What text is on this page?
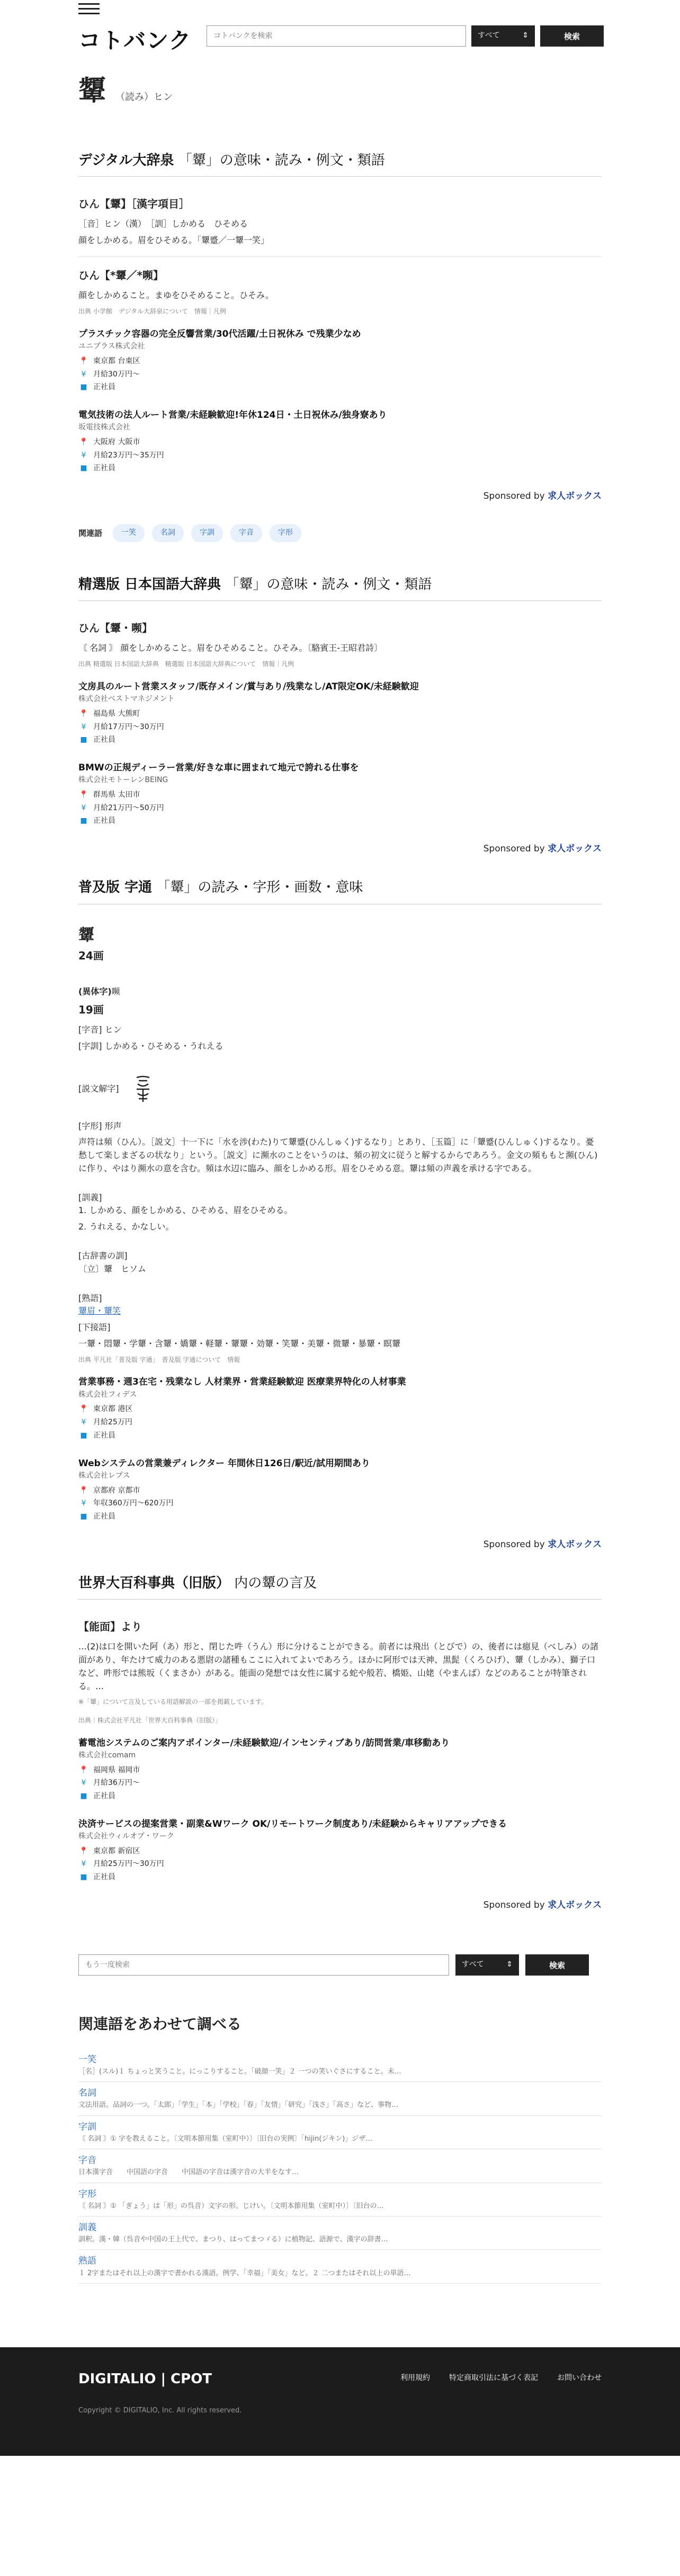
コトバンク
コトバンクを検索	すべて	⇕	検索
顰 （読み）ヒン
デジタル大辞泉 「顰」の意味・読み・例文・類語
ひん【顰】［漢字項目］
［音］ヒン（漢）　［訓］しかめる　ひそめる
顔をしかめる。眉をひそめる。「顰蹙／一顰一笑」
ひん【*顰／*嚬】
顔をしかめること。まゆをひそめること。ひそみ。
出典 小学館　デジタル大辞泉について　情報｜凡例
プラスチック容器の完全反響営業/30代活躍/土日祝休み で残業少なめ
ユニプラス株式会社
📍 東京都 台東区
¥ 月給30万円〜
■ 正社員
電気技術の法人ルート営業/未経験歓迎!年休124日・土日祝休み/独身寮あり
坂電技株式会社
📍 大阪府 大阪市
¥ 月給23万円〜35万円
■ 正社員
Sponsored by 求人ボックス
関連語	一笑	名詞	字訓	字音	字形
精選版 日本国語大辞典 「顰」の意味・読み・例文・類語
ひん【顰・嚬】
〘 名詞 〙 顔をしかめること。眉をひそめること。ひそみ。〔駱賓王-王昭君詩〕
出典 精選版 日本国語大辞典　精選版 日本国語大辞典について　情報｜凡例
文房具のルート営業スタッフ/既存メイン/賞与あり/残業なし/AT限定OK/未経験歓迎
株式会社ベストマネジメント
📍 福島県 大熊町
¥ 月給17万円〜30万円
■ 正社員
BMWの正規ディーラー営業/好きな車に囲まれて地元で誇れる仕事を
株式会社モトーレンBEING
📍 群馬県 太田市
¥ 月給21万円〜50万円
■ 正社員
Sponsored by 求人ボックス
普及版 字通 「顰」の読み・字形・画数・意味
顰
24画
(異体字)嚬
19画
[字音] ヒン
[字訓] しかめる・ひそめる・うれえる
[説文解字]
[字形] 形声
声符は頻（ひん）。［説文］十一下に「水を涉(わた)りて顰蹙(ひんしゅく)するなり」とあり、［玉篇］に「顰蹙(ひんしゅく)するなり。憂愁して楽しまざるの状なり」という。［説文］に瀕水のことをいうのは、頻の初文に従うと解するからであろう。金文の頻ももと瀕(ひん)に作り、やはり瀕水の意を含む。頻は水辺に臨み、顔をしかめる形。眉をひそめる意。顰は頻の声義を承ける字である。
[訓義]
1. しかめる、顔をしかめる、ひそめる、眉をひそめる。
2. うれえる、かなしい。
[古辞書の訓]
〔立〕顰　ヒソム
[熟語]
顰眉・顰笑
[下接語]
一顰・悶顰・学顰・含顰・嬌顰・軽顰・顰顰・効顰・笑顰・美顰・微顰・暴顰・瞑顰
出典 平凡社「普及版 字通」　普及版 字通について　情報
営業事務・週3在宅・残業なし 人材業界・営業経験歓迎 医療業界特化の人材事業
株式会社フィデス
📍 東京都 港区
¥ 月給25万円
■ 正社員
Webシステムの営業兼ディレクター 年間休日126日/駅近/試用期間あり
株式会社レプス
📍 京都府 京都市
¥ 年収360万円〜620万円
■ 正社員
Sponsored by 求人ボックス
世界大百科事典（旧版） 内の顰の言及
【能面】より
…(2)は口を開いた阿（あ）形と、閉じた吽（うん）形に分けることができる。前者には飛出（とびで）の、後者には癋見（べしみ）の諸面があり、年たけて威力のある悪尉の諸種もここに入れてよいであろう。ほかに阿形では天神、黒髭（くろひげ）、顰（しかみ）、獅子口など、吽形では熊坂（くまさか）がある。能面の発想では女性に属する蛇や般若、橋姫、山姥（やまんば）などのあることが特筆される。…
※「顰」について言及している用語解説の一部を掲載しています。
出典｜株式会社平凡社「世界大百科事典（旧版）」
蓄電池システムのご案内アポインター/未経験歓迎/インセンティブあり/訪問営業/車移動あり
株式会社comam
📍 福岡県 福岡市
¥ 月給36万円〜
■ 正社員
決済サービスの提案営業・副業&Wワーク OK/リモートワーク制度あり/未経験からキャリアアップできる
株式会社ウィルオブ・ワーク
📍 東京都 新宿区
¥ 月給25万円〜30万円
■ 正社員
Sponsored by 求人ボックス
もう一度検索
すべて	⇕	検索
関連語をあわせて調べる
一笑
［名］(スル)１ ちょっと笑うこと。にっこりすること。「破顔一笑」２ 一つの笑いぐさにすること。未…
名詞
文法用語。品詞の一つ。「太郎」「学生」「本」「学校」「春」「友情」「研究」「浅さ」「高さ」など、事物…
字訓
〘 名詞 〙① 字を教えること。〔文明本節用集（室町中）〕〔旧台の実例〕「hijin(ジキン)」ジザ…
字音
日本漢字音　　中国語の字音　　中国語の字音は漢字音の大半をなす…
字形
〘 名詞 〙① 「ぎょう」は「形」の呉音）文字の形。じけい。〔文明本節用集（室町中）〕〔旧台の…
訓義
訓釈。漢・韓（呉音や中国の王上代で、まつり、はってまつゞる）に植物記、語源で、漢字の辞書…
熟語
１ 2字またはそれ以上の漢字で書かれる漢語。例学、「幸福」「美女」など。２ 二つまたはそれ以上の単語…
DIGITALIO | CPOT	利用規約	特定商取引法に基づく表記	お問い合わせ
Copyright © DIGITALIO, Inc. All rights reserved.
